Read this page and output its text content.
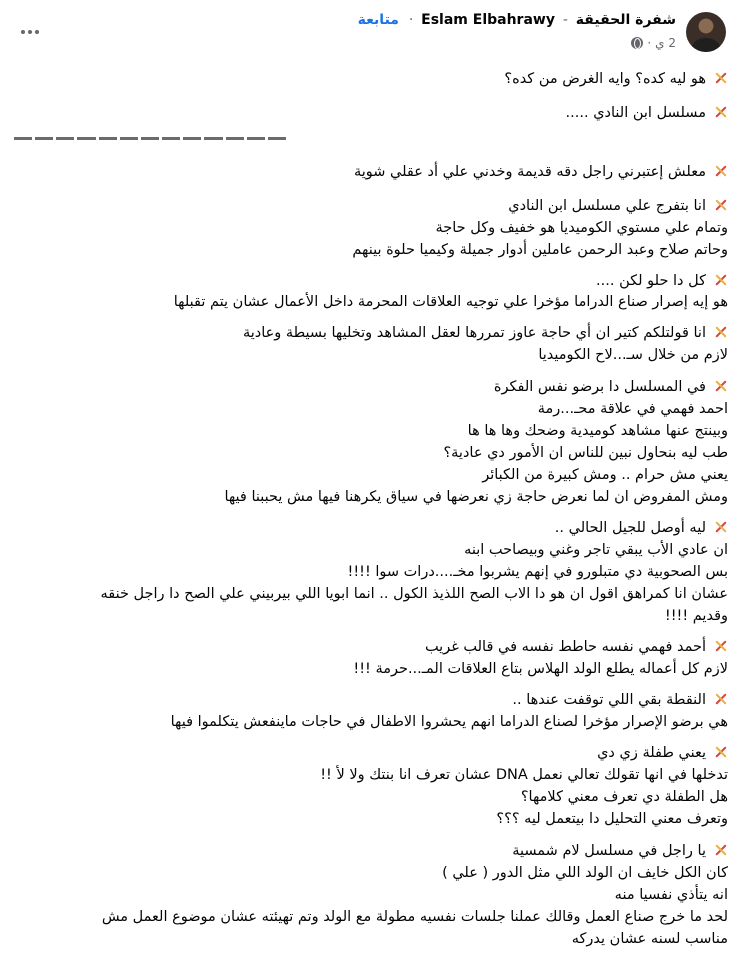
شفرة الحقيقة - Eslam Elbahrawy · متابعة
2 ي
·
هو ليه كده؟ وايه الغرض من كده؟
مسلسل ابن النادي .....
معلش إعتبرني راجل دقه قديمة وخدني علي أد عقلي شوية
انا بتفرج علي مسلسل ابن النادي
وتمام علي مستوي الكوميديا هو خفيف وكل حاجة
وحاتم صلاح وعبد الرحمن عاملين أدوار جميلة وكيميا حلوة بينهم
كل دا حلو لكن ....
هو إيه إصرار صناع الدراما مؤخرا علي توجيه العلاقات المحرمة داخل الأعمال عشان يتم تقبلها
انا قولتلكم كتير ان أي حاجة عاوز تمررها لعقل المشاهد وتخليها بسيطة وعادية
لازم من خلال سـ...لاح الكوميديا
في المسلسل دا برضو نفس الفكرة
احمد فهمي في علاقة محـ...رمة
وبينتج عنها مشاهد كوميدية وضحك وها ها ها
طب ليه بنحاول نبين للناس ان الأمور دي عادية؟
يعني مش حرام .. ومش كبيرة من الكبائر
ومش المفروض ان لما نعرض حاجة زي نعرضها في سياق يكرهنا فيها مش يحببنا فيها
ليه أوصل للجيل الحالي ..
ان عادي الأب يبقي تاجر وغني وبيصاحب ابنه
بس الصحوبية دي متبلورو في إنهم يشربوا مخـ....درات سوا !!!!
عشان انا كمراهق اقول ان هو دا الاب الصح اللذيذ الكول .. انما ابويا اللي بيربيني علي الصح دا راجل خنقه
وقديم !!!!
أحمد فهمي نفسه حاطط نفسه في قالب غريب
لازم كل أعماله يطلع الولد الهلاس بتاع العلاقات المـ...حرمة !!!
النقطة بقي اللي توقفت عندها ..
هي برضو الإصرار مؤخرا لصناع الدراما انهم يحشروا الاطفال في حاجات ماينفعش يتكلموا فيها
يعني طفلة زي دي
تدخلها في انها تقولك تعالي نعمل DNA عشان تعرف انا بنتك ولا لأ !!
هل الطفلة دي تعرف معني كلامها؟
وتعرف معني التحليل دا بيتعمل ليه ؟؟؟
يا راجل في مسلسل لام شمسية
كان الكل خايف ان الولد اللي مثل الدور ( علي )
انه يتأذي نفسيا منه
لحد ما خرج صناع العمل وقالك عملنا جلسات نفسيه مطولة مع الولد وتم تهيئته عشان موضوع العمل مش
مناسب لسنه عشان يدركه
